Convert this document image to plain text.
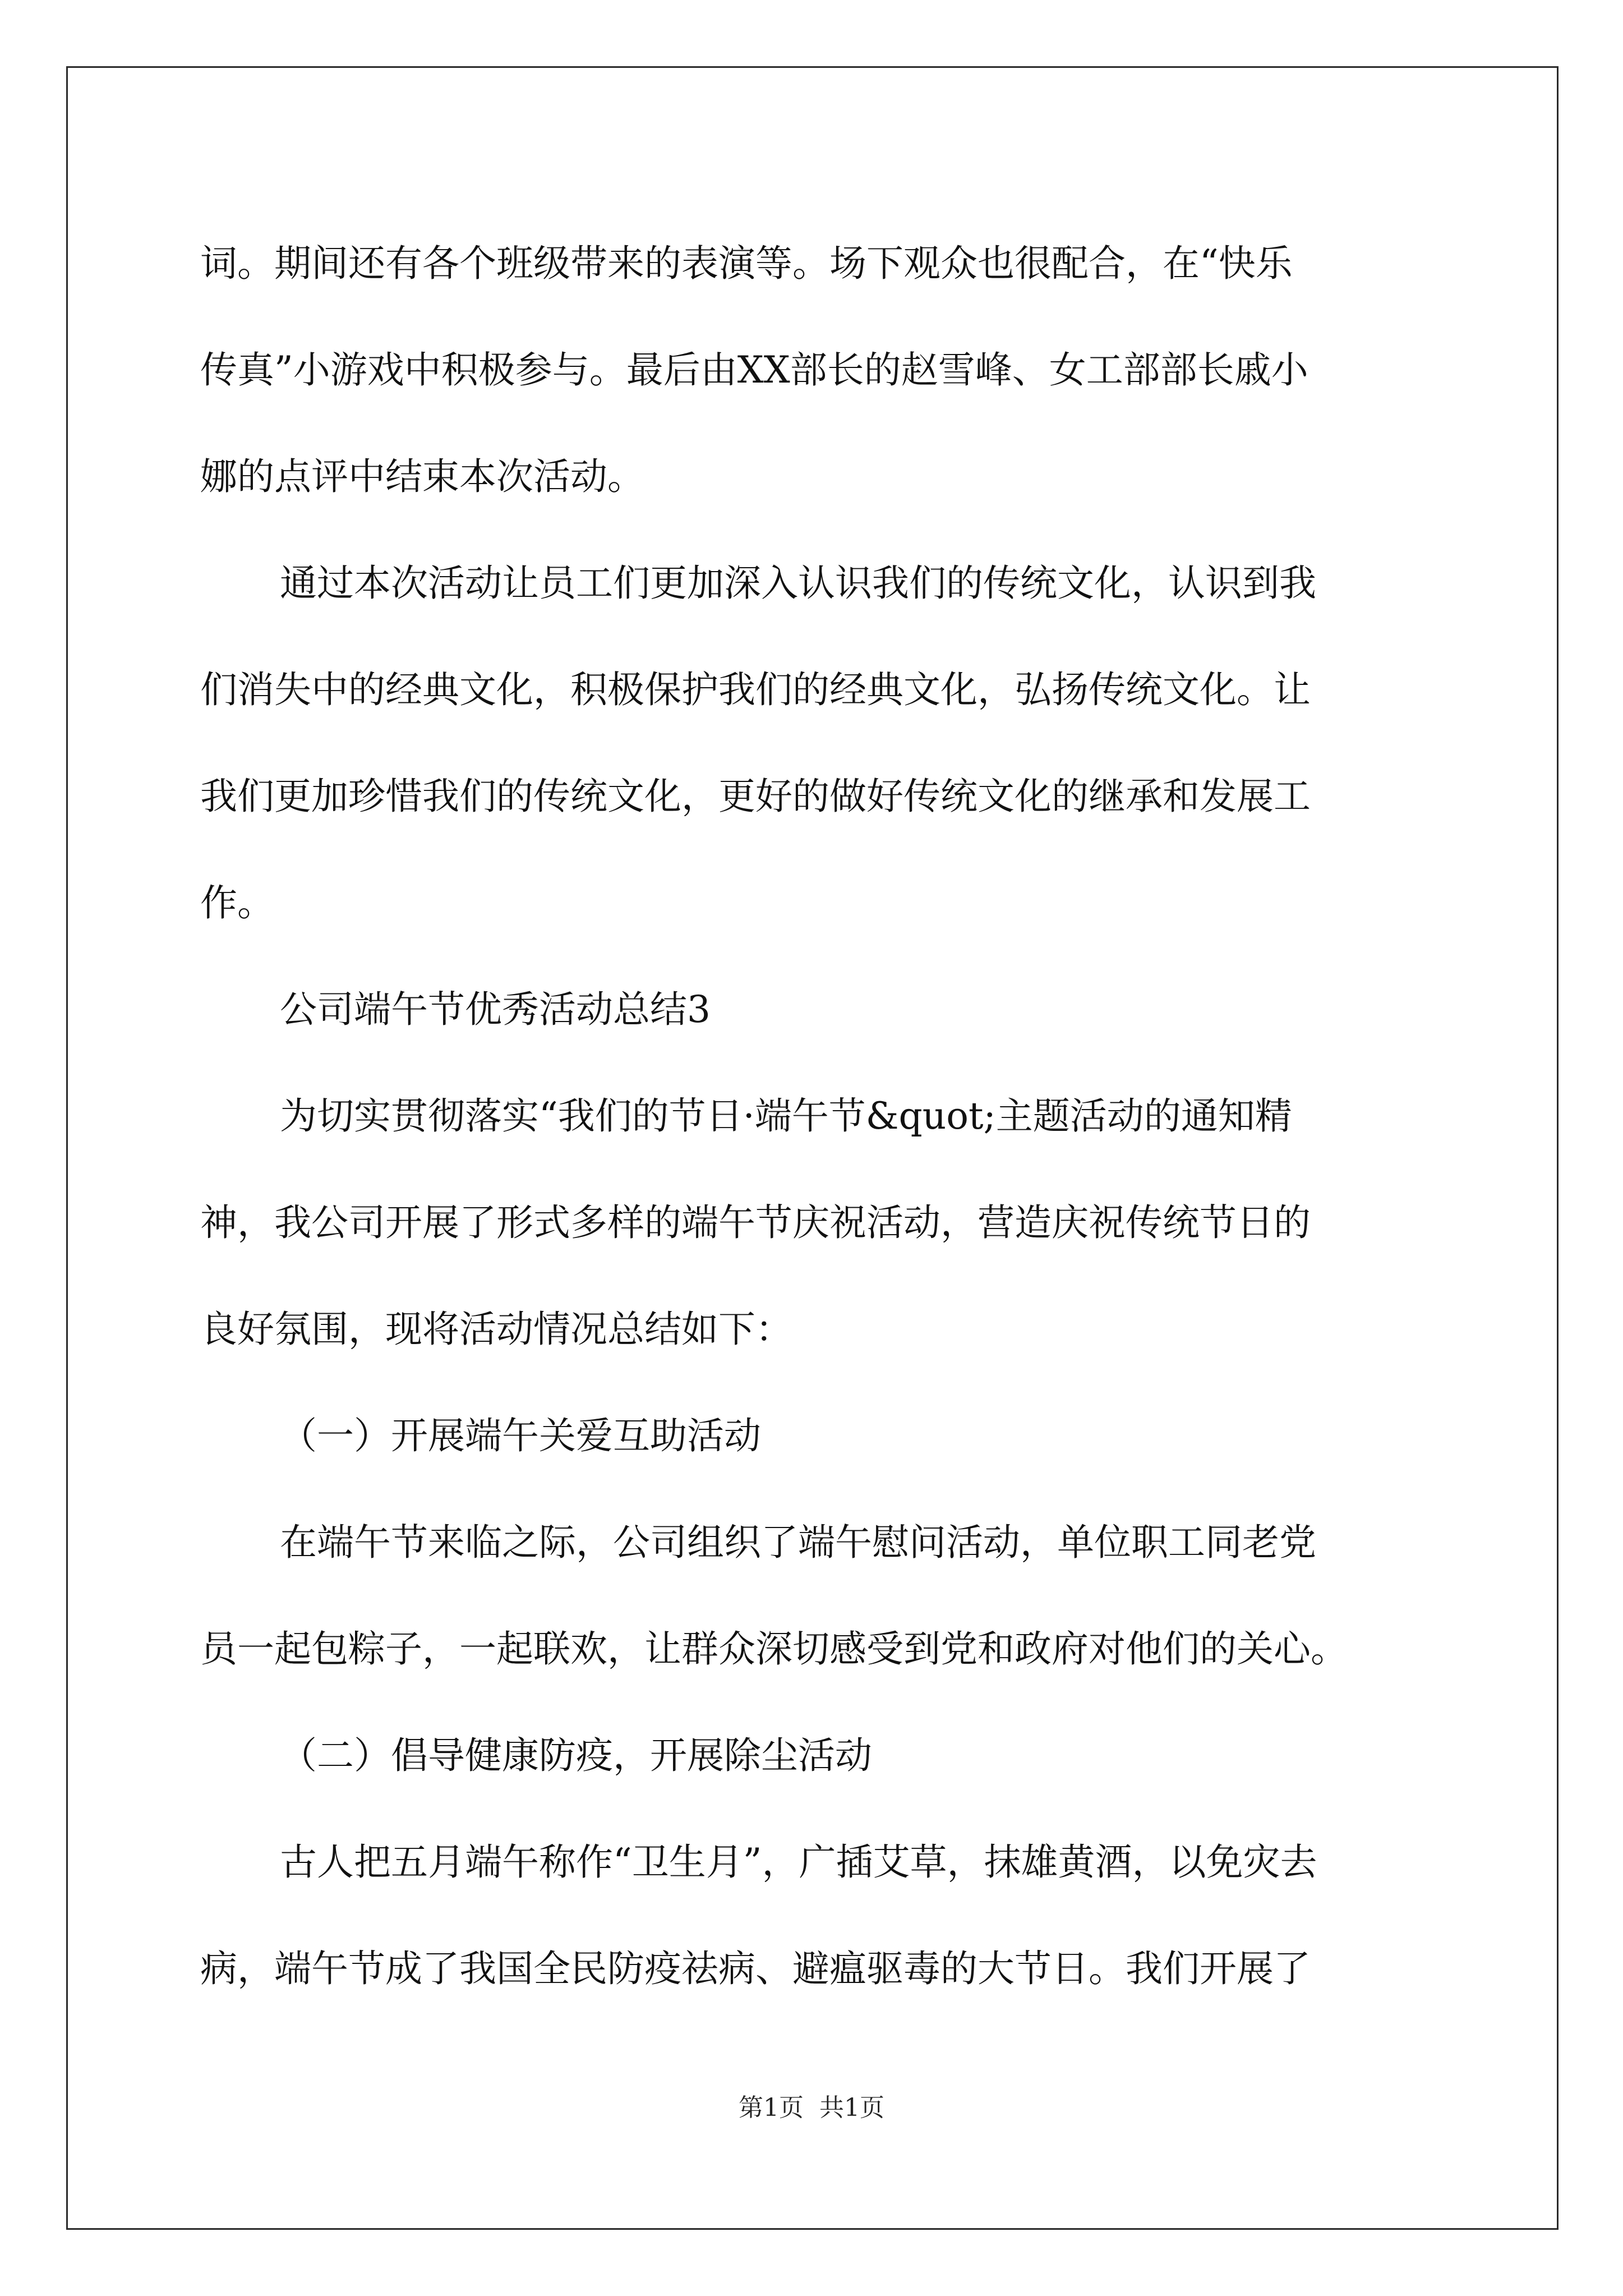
词。期间还有各个班级带来的表演等。场下观众也很配合，在“快乐
传真”小游戏中积极参与。最后由XX部长的赵雪峰、女工部部长戚小
娜的点评中结束本次活动。
通过本次活动让员工们更加深入认识我们的传统文化，认识到我
们消失中的经典文化，积极保护我们的经典文化，弘扬传统文化。让
我们更加珍惜我们的传统文化，更好的做好传统文化的继承和发展工
作。
公司端午节优秀活动总结3
为切实贯彻落实“我们的节日·端午节&quot;主题活动的通知精
神，我公司开展了形式多样的端午节庆祝活动，营造庆祝传统节日的
良好氛围，现将活动情况总结如下：
（一）开展端午关爱互助活动
在端午节来临之际，公司组织了端午慰问活动，单位职工同老党
员一起包粽子，一起联欢，让群众深切感受到党和政府对他们的关心。
（二）倡导健康防疫，开展除尘活动
古人把五月端午称作“卫生月”，广插艾草，抹雄黄酒，以免灾去
病，端午节成了我国全民防疫祛病、避瘟驱毒的大节日。我们开展了
第1页 共1页
